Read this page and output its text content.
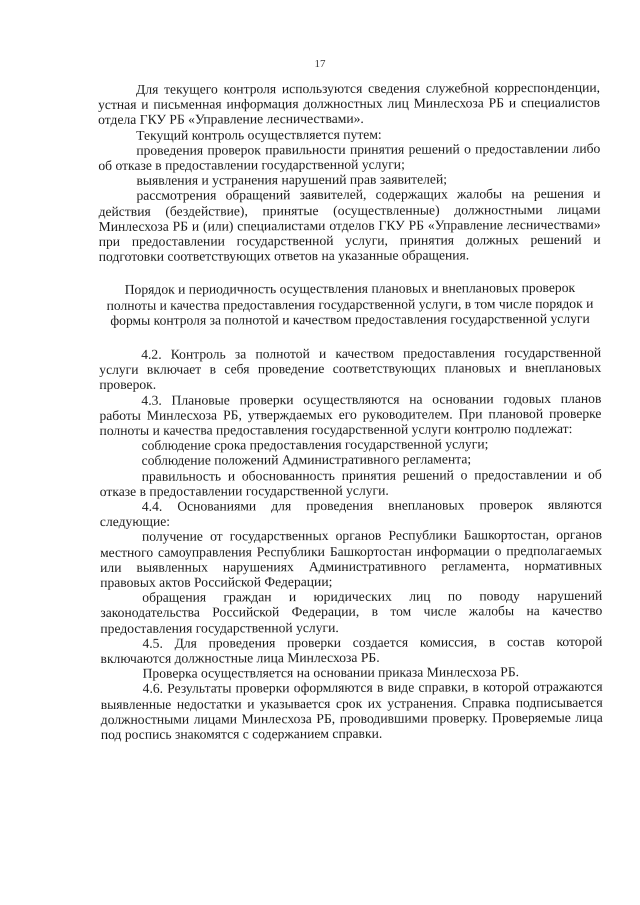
17

Для текущего контроля используются сведения служебной корреспонденции, устная и письменная информация должностных лиц Минлесхоза РБ и специалистов отдела ГКУ РБ «Управление лесничествами».

Текущий контроль осуществляется путем:

проведения проверок правильности принятия решений о предоставлении либо об отказе в предоставлении государственной услуги;

выявления и устранения нарушений прав заявителей;

рассмотрения обращений заявителей, содержащих жалобы на решения и действия (бездействие), принятые (осуществленные) должностными лицами Минлесхоза РБ и (или) специалистами отделов ГКУ РБ «Управление лесничествами» при предоставлении государственной услуги, принятия должных решений и подготовки соответствующих ответов на указанные обращения.

Порядок и периодичность осуществления плановых и внеплановых проверок полноты и качества предоставления государственной услуги, в том числе порядок и формы контроля за полнотой и качеством предоставления государственной услуги

4.2. Контроль за полнотой и качеством предоставления государственной услуги включает в себя проведение соответствующих плановых и внеплановых проверок.

4.3. Плановые проверки осуществляются на основании годовых планов работы Минлесхоза РБ, утверждаемых его руководителем. При плановой проверке полноты и качества предоставления государственной услуги контролю подлежат:

соблюдение срока предоставления государственной услуги;

соблюдение положений Административного регламента;

правильность и обоснованность принятия решений о предоставлении и об отказе в предоставлении государственной услуги.

4.4. Основаниями для проведения внеплановых проверок являются следующие:

получение от государственных органов Республики Башкортостан, органов местного самоуправления Республики Башкортостан информации о предполагаемых или выявленных нарушениях Административного регламента, нормативных правовых актов Российской Федерации;

обращения граждан и юридических лиц по поводу нарушений законодательства Российской Федерации, в том числе жалобы на качество предоставления государственной услуги.

4.5. Для проведения проверки создается комиссия, в состав которой включаются должностные лица Минлесхоза РБ.

Проверка осуществляется на основании приказа Минлесхоза РБ.

4.6. Результаты проверки оформляются в виде справки, в которой отражаются выявленные недостатки и указывается срок их устранения. Справка подписывается должностными лицами Минлесхоза РБ, проводившими проверку. Проверяемые лица под роспись знакомятся с содержанием справки.
